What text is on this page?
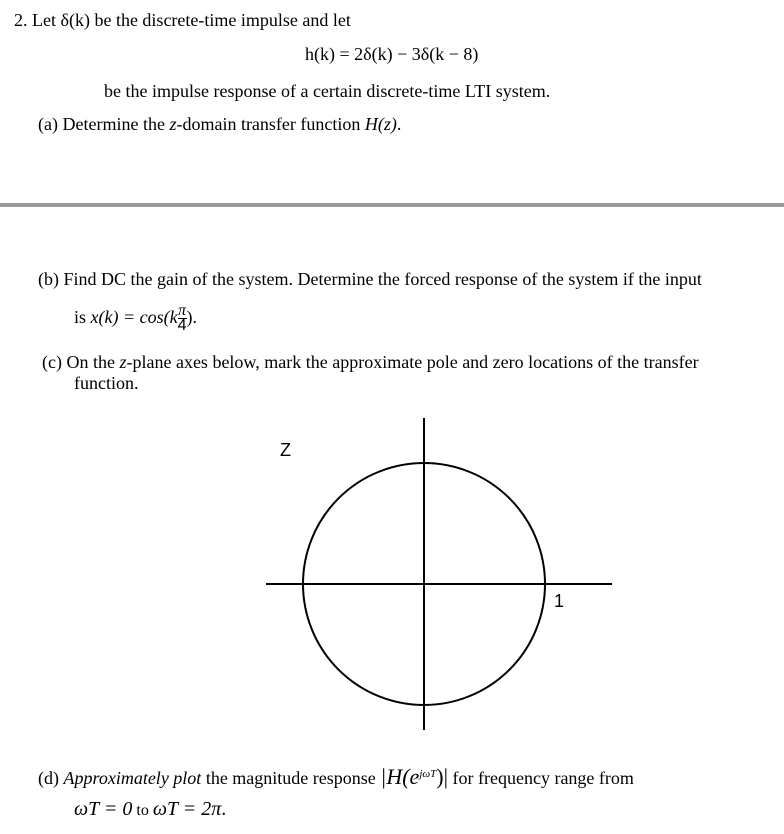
2. Let δ(k) be the discrete-time impulse and let
h(k) = 2δ(k) − 3δ(k − 8)
be the impulse response of a certain discrete-time LTI system.
(a) Determine the z-domain transfer function H(z).
(b) Find DC the gain of the system. Determine the forced response of the system if the input
is $x(k) = \cos(k \frac{\pi}{4}$ ).
(c) On the z-plane axes below, mark the approximate pole and zero locations of the transfer
function.
Z
1
(d) Approximately plot the magnitude response $|H(e^{j\omega T})|$ for frequency range from
ωT = 0 to ωT = 2π.
